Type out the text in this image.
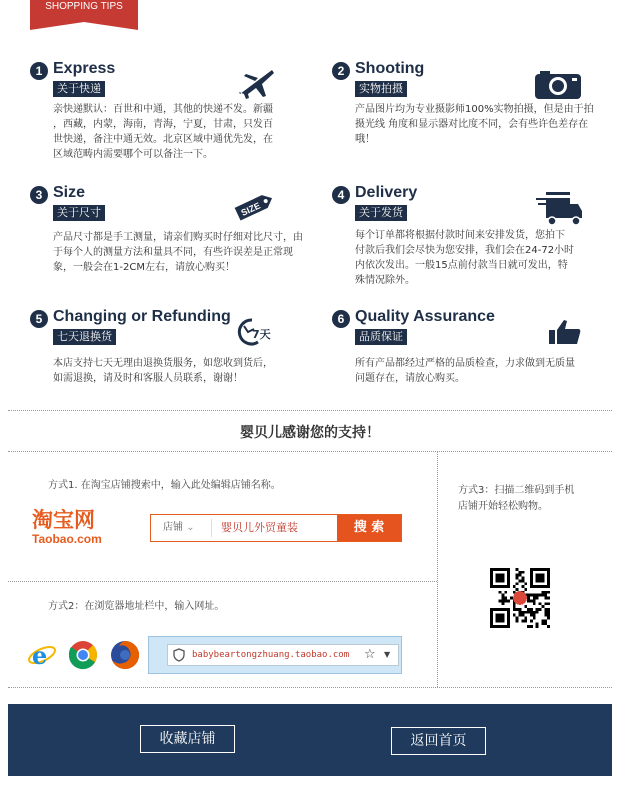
SHOPPING TIPS
1 Express
关于快递
亲快递默认：百世和中通，其他的快递不发。新疆
，西藏，内蒙，海南，青海，宁夏，甘肃，只发百
世快递，备注中通无效。北京区域中通优先发，在
区域范畴内需要哪个可以备注一下。
2 Shooting
实物拍摄
产品图片均为专业摄影师100%实物拍摄，但是由于拍
摄光线 角度和显示器对比度不同，会有些许色差存在
哦！
3 Size
关于尺寸
产品尺寸都是手工测量，请亲们购买时仔细对比尺寸，由
于每个人的测量方法和量具不同，有些许误差是正常现
象，一般会在1-2CM左右，请放心购买！
SIZE
4 Delivery
关于发货
每个订单都将根据付款时间来安排发货，您拍下
付款后我们会尽快为您安排，我们会在24-72小时
内依次发出。一般15点前付款当日就可发出，特
殊情况除外。
5 Changing or Refunding
七天退换货
本店支持七天无理由退换货服务，如您收到货后，
如需退换，请及时和客服人员联系，谢谢！
7天
6 Quality Assurance
品质保证
所有产品都经过严格的品质检查，力求做到无质量
问题存在，请放心购买。
婴贝儿感谢您的支持！
方式1. 在淘宝店铺搜索中，输入此处编辑店铺名称。
淘宝网
Taobao.com
店铺 ⌄ 婴贝儿外贸童装	搜 索
方式2：在浏览器地址栏中，输入网址。
e	babybeartongzhuang.taobao.com ☆ ▼
方式3：扫描二维码到手机
店铺开始轻松购物。
收藏店铺	返回首页
